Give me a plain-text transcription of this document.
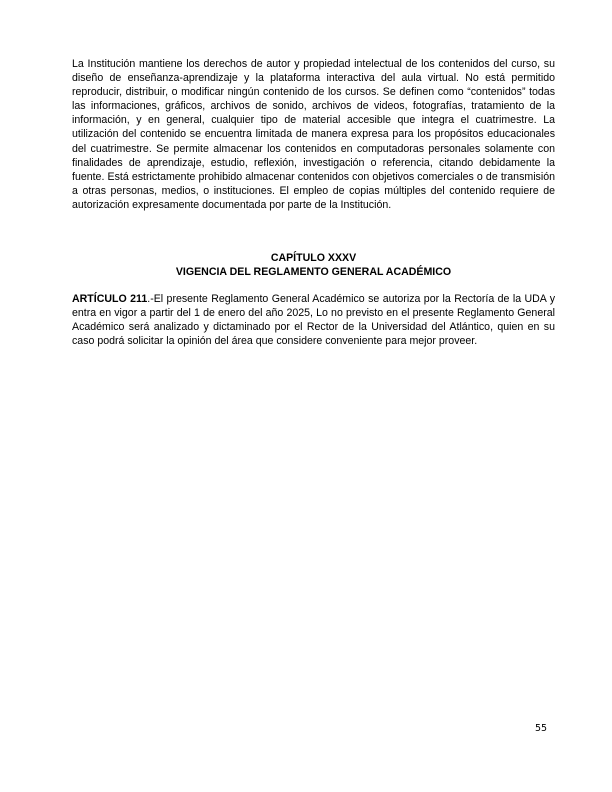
La Institución mantiene los derechos de autor y propiedad intelectual de los contenidos del curso, su diseño de enseñanza-aprendizaje y la plataforma interactiva del aula virtual. No está permitido reproducir, distribuir, o modificar ningún contenido de los cursos. Se definen como “contenidos” todas las informaciones, gráficos, archivos de sonido, archivos de videos, fotografías, tratamiento de la información, y en general, cualquier tipo de material accesible que integra el cuatrimestre. La utilización del contenido se encuentra limitada de manera expresa para los propósitos educacionales del cuatrimestre. Se permite almacenar los contenidos en computadoras personales solamente con finalidades de aprendizaje, estudio, reflexión, investigación o referencia, citando debidamente la fuente. Está estrictamente prohibido almacenar contenidos con objetivos comerciales o de transmisión a otras personas, medios, o instituciones. El empleo de copias múltiples del contenido requiere de autorización expresamente documentada por parte de la Institución.

CAPÍTULO XXXV
VIGENCIA DEL REGLAMENTO GENERAL ACADÉMICO

ARTÍCULO 211.-El presente Reglamento General Académico se autoriza por la Rectoría de la UDA y entra en vigor a partir del 1 de enero del año 2025, Lo no previsto en el presente Reglamento General Académico será analizado y dictaminado por el Rector de la Universidad del Atlántico, quien en su caso podrá solicitar la opinión del área que considere conveniente para mejor proveer.

55
